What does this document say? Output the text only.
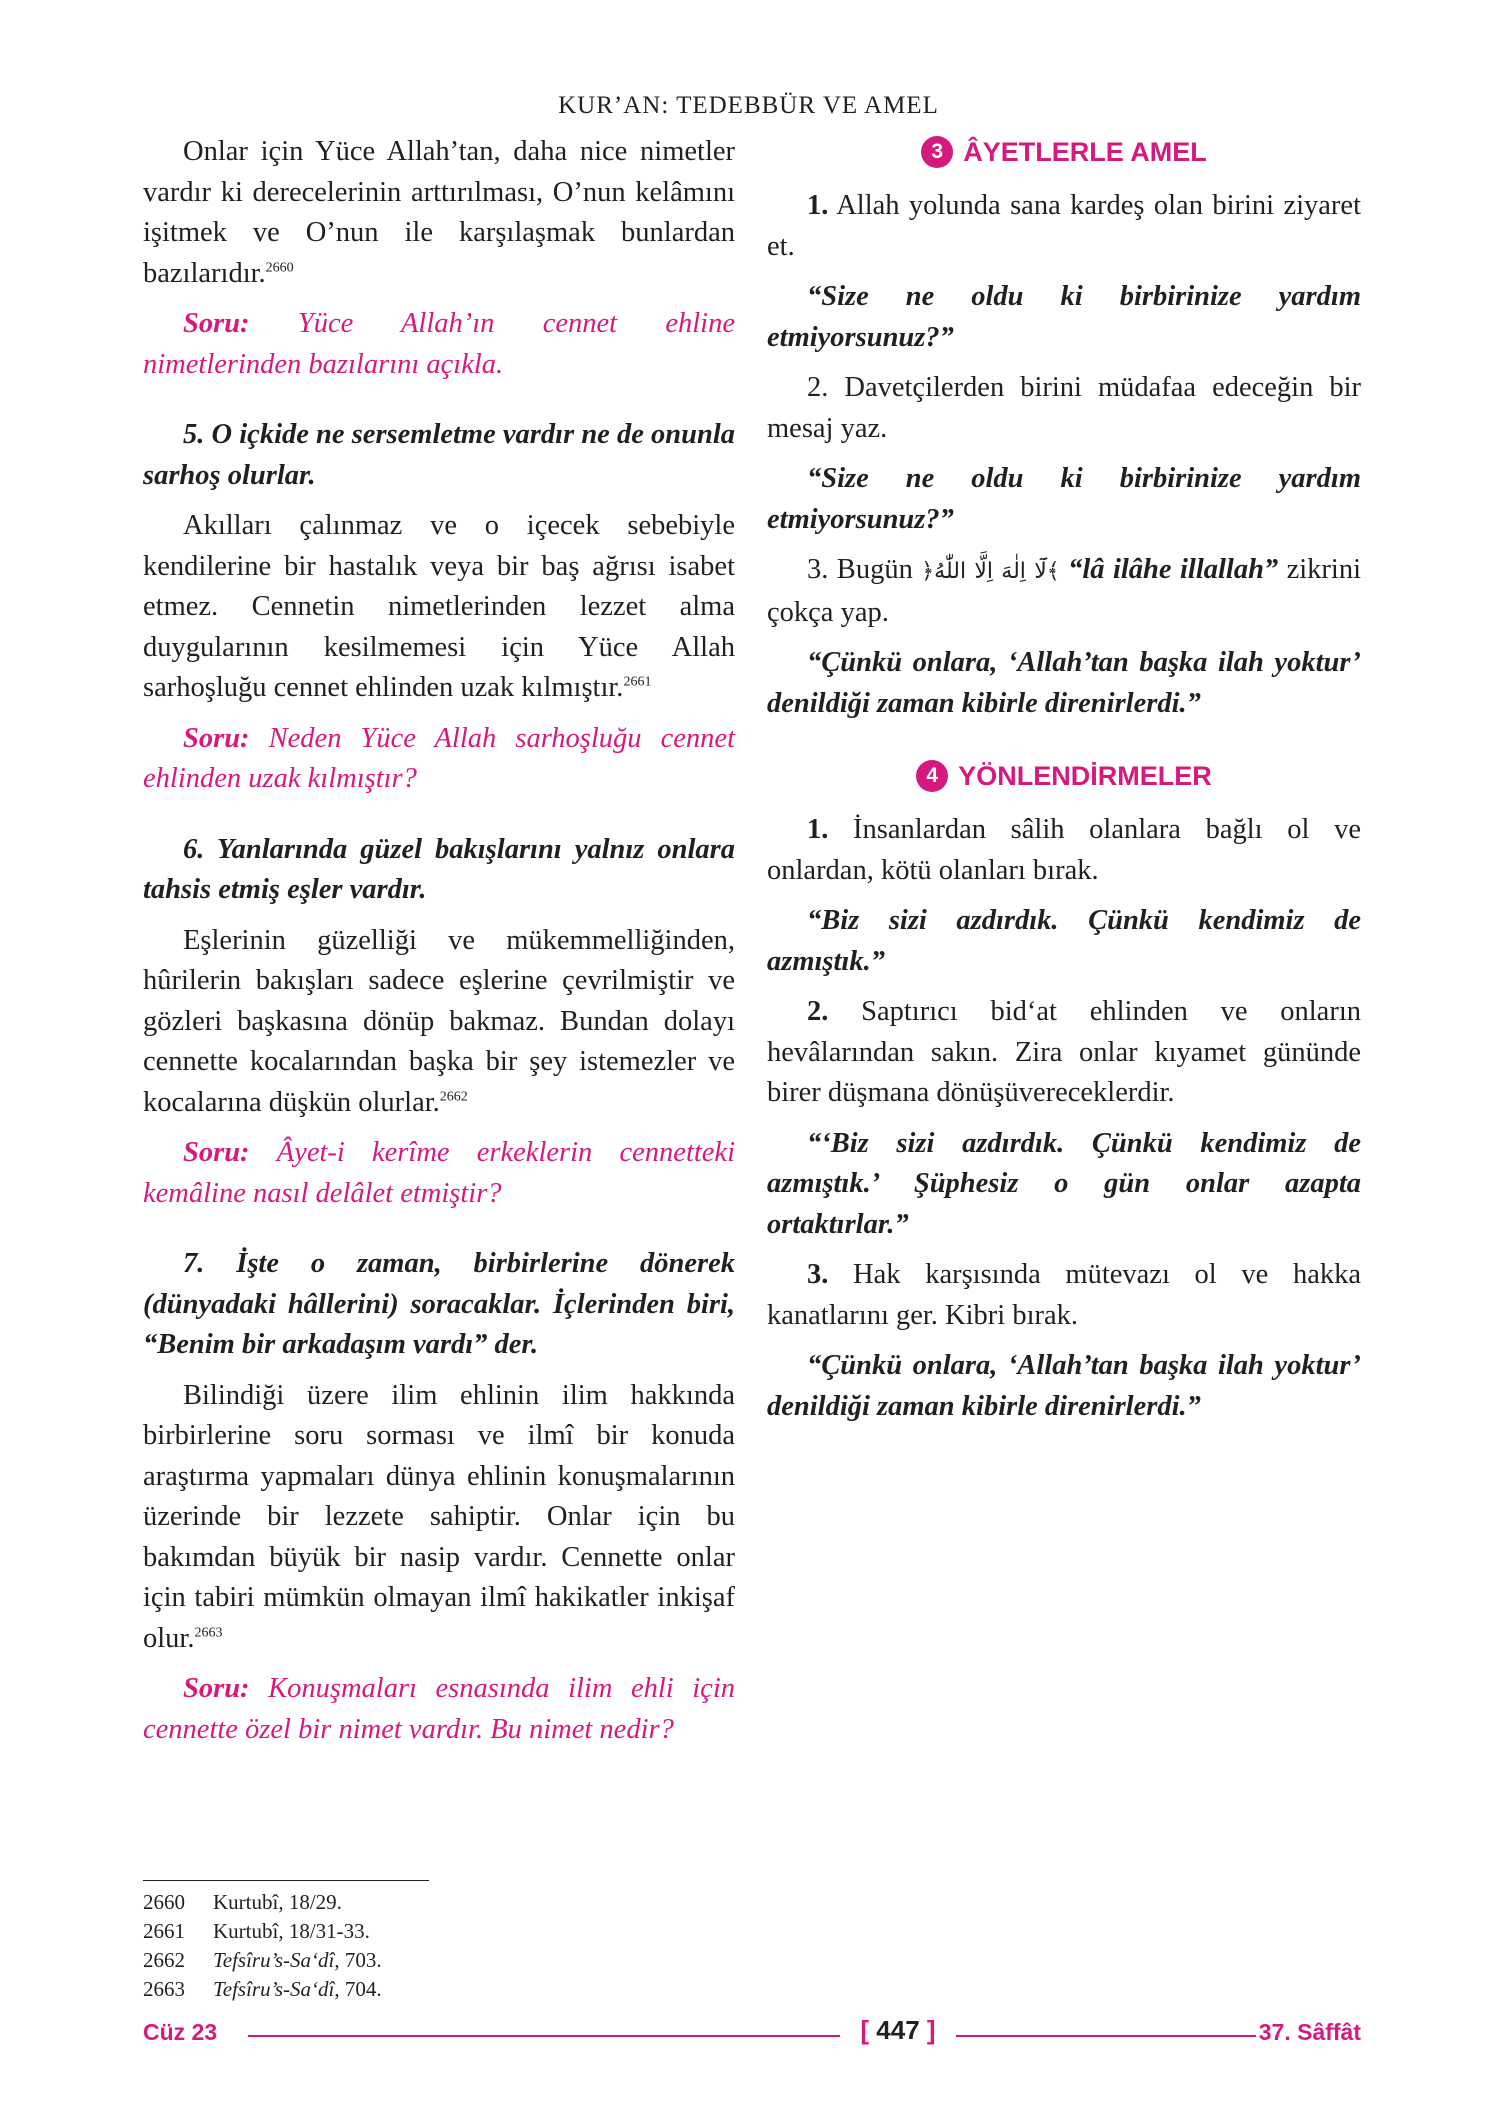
KUR’AN: TEDEBBÜR VE AMEL

Onlar için Yüce Allah’tan, daha nice nimetler vardır ki derecelerinin arttırılması, O’nun kelâmını işitmek ve O’nun ile karşılaşmak bunlardan bazılarıdır.$^{2660}$

Soru: Yüce Allah’ın cennet ehline nimetlerinden bazılarını açıkla.

5. O içkide ne sersemletme vardır ne de onunla sarhoş olurlar.

Akılları çalınmaz ve o içecek sebebiyle kendilerine bir hastalık veya bir baş ağrısı isabet etmez. Cennetin nimetlerinden lezzet alma duygularının kesilmemesi için Yüce Allah sarhoşluğu cennet ehlinden uzak kılmıştır.$^{2661}$

Soru: Neden Yüce Allah sarhoşluğu cennet ehlinden uzak kılmıştır?

6. Yanlarında güzel bakışlarını yalnız onlara tahsis etmiş eşler vardır.

Eşlerinin güzelliği ve mükemmelliğinden, hûrilerin bakışları sadece eşlerine çevrilmiştir ve gözleri başkasına dönüp bakmaz. Bundan dolayı cennette kocalarından başka bir şey istemezler ve kocalarına düşkün olurlar.$^{2662}$

Soru: Âyet-i kerîme erkeklerin cennetteki kemâline nasıl delâlet etmiştir?

7. İşte o zaman, birbirlerine dönerek (dünyadaki hâllerini) soracaklar. İçlerinden biri, “Benim bir arkadaşım vardı” der.

Bilindiği üzere ilim ehlinin ilim hakkında birbirlerine soru sorması ve ilmî bir konuda araştırma yapmaları dünya ehlinin konuşmalarının üzerinde bir lezzete sahiptir. Onlar için bu bakımdan büyük bir nasip vardır. Cennette onlar için tabiri mümkün olmayan ilmî hakikatler inkişaf olur.$^{2663}$

Soru: Konuşmaları esnasında ilim ehli için cennette özel bir nimet vardır. Bu nimet nedir?

3 ÂYETLERLE AMEL

1. Allah yolunda sana kardeş olan birini ziyaret et.

“Size ne oldu ki birbirinize yardım etmiyorsunuz?”

2. Davetçilerden birini müdafaa edeceğin bir mesaj yaz.

“Size ne oldu ki birbirinize yardım etmiyorsunuz?”

3. Bugün ﴿لَٓا اِلٰهَ اِلَّا اللّٰهُ﴾ “lâ ilâhe illallah” zikrini çokça yap.

“Çünkü onlara, ‘Allah’tan başka ilah yoktur’ denildiği zaman kibirle direnirlerdi.”

4 YÖNLENDİRMELER

1. İnsanlardan sâlih olanlara bağlı ol ve onlardan, kötü olanları bırak.

“Biz sizi azdırdık. Çünkü kendimiz de azmıştık.”

2. Saptırıcı bid‘at ehlinden ve onların hevâlarından sakın. Zira onlar kıyamet gününde birer düşmana dönüşüvereceklerdir.

“‘Biz sizi azdırdık. Çünkü kendimiz de azmıştık.’ Şüphesiz o gün onlar azapta ortaktırlar.”

3. Hak karşısında mütevazı ol ve hakka kanatlarını ger. Kibri bırak.

“Çünkü onlara, ‘Allah’tan başka ilah yoktur’ denildiği zaman kibirle direnirlerdi.”

2660	Kurtubî, 18/29.
2661	Kurtubî, 18/31-33.
2662	Tefsîru’s-Sa‘dî, 703.
2663	Tefsîru’s-Sa‘dî, 704.
Cüz 23	[ 447 ]	37. Sâffât
